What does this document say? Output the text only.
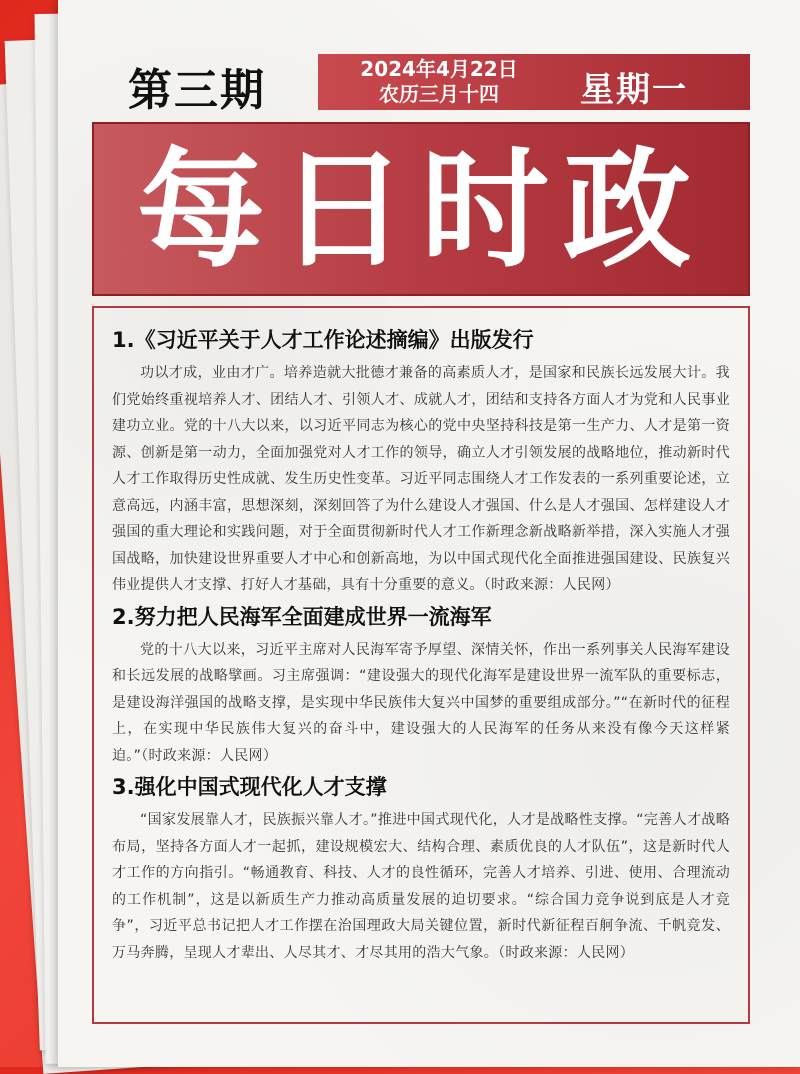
第三期	2024年4月22日
农历三月十四	星期一
每日时政
1.《习近平关于人才工作论述摘编》出版发行

功以才成，业由才广。培养造就大批德才兼备的高素质人才，是国家和民族长远发展大计。我们党始终重视培养人才、团结人才、引领人才、成就人才，团结和支持各方面人才为党和人民事业建功立业。党的十八大以来，以习近平同志为核心的党中央坚持科技是第一生产力、人才是第一资源、创新是第一动力，全面加强党对人才工作的领导，确立人才引领发展的战略地位，推动新时代人才工作取得历史性成就、发生历史性变革。习近平同志围绕人才工作发表的一系列重要论述，立意高远，内涵丰富，思想深刻，深刻回答了为什么建设人才强国、什么是人才强国、怎样建设人才强国的重大理论和实践问题，对于全面贯彻新时代人才工作新理念新战略新举措，深入实施人才强国战略，加快建设世界重要人才中心和创新高地，为以中国式现代化全面推进强国建设、民族复兴伟业提供人才支撑、打好人才基础，具有十分重要的意义。（时政来源：人民网）

2.努力把人民海军全面建成世界一流海军

党的十八大以来，习近平主席对人民海军寄予厚望、深情关怀，作出一系列事关人民海军建设和长远发展的战略擘画。习主席强调：“建设强大的现代化海军是建设世界一流军队的重要标志，是建设海洋强国的战略支撑，是实现中华民族伟大复兴中国梦的重要组成部分。”“在新时代的征程上，在实现中华民族伟大复兴的奋斗中，建设强大的人民海军的任务从来没有像今天这样紧迫。”（时政来源：人民网）

3.强化中国式现代化人才支撑

“国家发展靠人才，民族振兴靠人才。”推进中国式现代化，人才是战略性支撑。“完善人才战略布局，坚持各方面人才一起抓，建设规模宏大、结构合理、素质优良的人才队伍”，这是新时代人才工作的方向指引。“畅通教育、科技、人才的良性循环，完善人才培养、引进、使用、合理流动的工作机制”，这是以新质生产力推动高质量发展的迫切要求。“综合国力竞争说到底是人才竞争”，习近平总书记把人才工作摆在治国理政大局关键位置，新时代新征程百舸争流、千帆竞发、万马奔腾，呈现人才辈出、人尽其才、才尽其用的浩大气象。（时政来源：人民网）
